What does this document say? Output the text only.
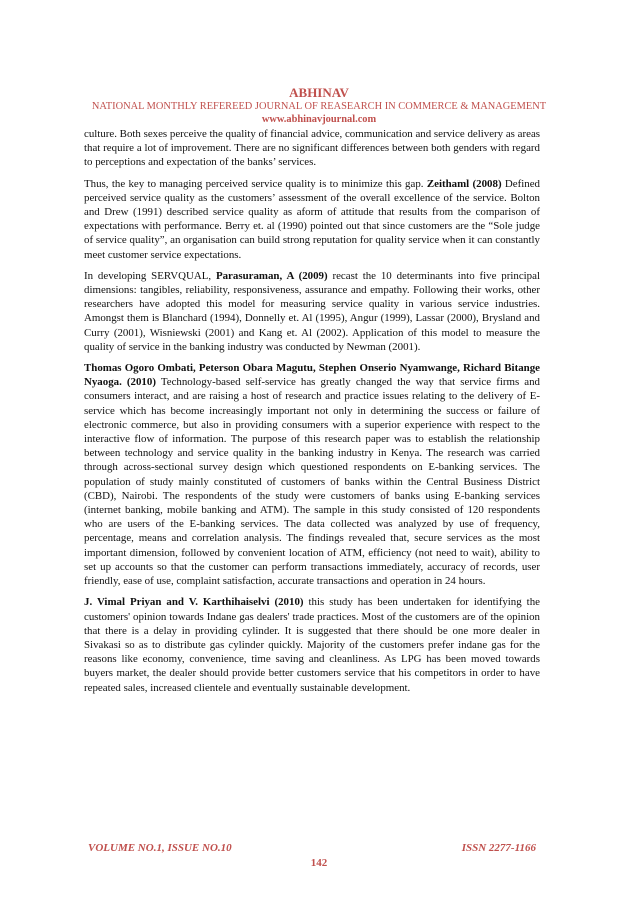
ABHINAV
NATIONAL MONTHLY REFEREED JOURNAL OF REASEARCH IN COMMERCE & MANAGEMENT
www.abhinavjournal.com

culture. Both sexes perceive the quality of financial advice, communication and service delivery as areas that require a lot of improvement. There are no significant differences between both genders with regard to perceptions and expectation of the banks’ services.

Thus, the key to managing perceived service quality is to minimize this gap. Zeithaml (2008) Defined perceived service quality as the customers’ assessment of the overall excellence of the service. Bolton and Drew (1991) described service quality as aform of attitude that results from the comparison of expectations with performance. Berry et. al (1990) pointed out that since customers are the “Sole judge of service quality”, an organisation can build strong reputation for quality service when it can constantly meet customer service expectations.

In developing SERVQUAL, Parasuraman, A (2009) recast the 10 determinants into five principal dimensions: tangibles, reliability, responsiveness, assurance and empathy. Following their works, other researchers have adopted this model for measuring service quality in various service industries. Amongst them is Blanchard (1994), Donnelly et. Al (1995), Angur (1999), Lassar (2000), Brysland and Curry (2001), Wisniewski (2001) and Kang et. Al (2002). Application of this model to measure the quality of service in the banking industry was conducted by Newman (2001).

Thomas Ogoro Ombati, Peterson Obara Magutu, Stephen Onserio Nyamwange, Richard Bitange Nyaoga. (2010) Technology-based self-service has greatly changed the way that service firms and consumers interact, and are raising a host of research and practice issues relating to the delivery of E-service which has become increasingly important not only in determining the success or failure of electronic commerce, but also in providing consumers with a superior experience with respect to the interactive flow of information. The purpose of this research paper was to establish the relationship between technology and service quality in the banking industry in Kenya. The research was carried through across-sectional survey design which questioned respondents on E-banking services. The population of study mainly constituted of customers of banks within the Central Business District (CBD), Nairobi. The respondents of the study were customers of banks using E-banking services (internet banking, mobile banking and ATM). The sample in this study consisted of 120 respondents who are users of the E-banking services. The data collected was analyzed by use of frequency, percentage, means and correlation analysis. The findings revealed that, secure services as the most important dimension, followed by convenient location of ATM, efficiency (not need to wait), ability to set up accounts so that the customer can perform transactions immediately, accuracy of records, user friendly, ease of use, complaint satisfaction, accurate transactions and operation in 24 hours.

J. Vimal Priyan and V. Karthihaiselvi (2010) this study has been undertaken for identifying the customers' opinion towards Indane gas dealers' trade practices. Most of the customers are of the opinion that there is a delay in providing cylinder. It is suggested that there should be one more dealer in Sivakasi so as to distribute gas cylinder quickly. Majority of the customers prefer indane gas for the reasons like economy, convenience, time saving and cleanliness. As LPG has been moved towards buyers market, the dealer should provide better customers service that his competitors in order to have repeated sales, increased clientele and eventually sustainable development.

VOLUME NO.1, ISSUE NO.10	ISSN 2277-1166
142
